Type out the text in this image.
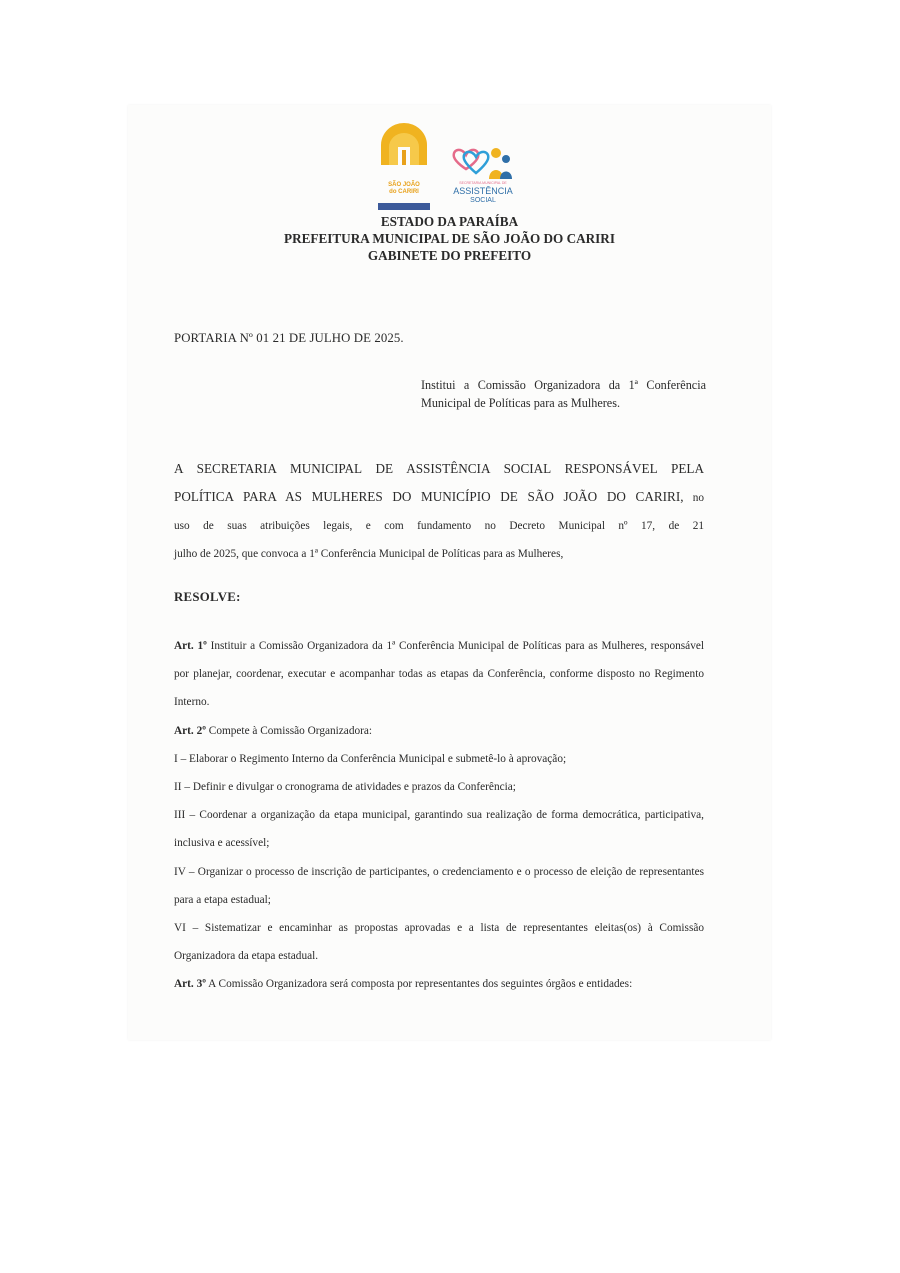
SÃO JOÃO
do CARIRI
SECRETARIA MUNICIPAL DE
ASSISTÊNCIA
SOCIAL
ESTADO DA PARAÍBA
PREFEITURA MUNICIPAL DE SÃO JOÃO DO CARIRI
GABINETE DO PREFEITO
PORTARIA Nº 01 21 DE JULHO DE 2025.
Institui a Comissão Organizadora da 1ª Conferência Municipal de Políticas para as Mulheres.
A SECRETARIA MUNICIPAL DE ASSISTÊNCIA SOCIAL RESPONSÁVEL PELA
POLÍTICA PARA AS MULHERES DO MUNICÍPIO DE SÃO JOÃO DO CARIRI, no
uso de suas atribuições legais, e com fundamento no Decreto Municipal nº 17, de 21
julho de 2025, que convoca a 1ª Conferência Municipal de Políticas para as Mulheres,
RESOLVE:

Art. 1º Instituir a Comissão Organizadora da 1ª Conferência Municipal de Políticas para as Mulheres, responsável por planejar, coordenar, executar e acompanhar todas as etapas da Conferência, conforme disposto no Regimento Interno.

Art. 2º Compete à Comissão Organizadora:

I – Elaborar o Regimento Interno da Conferência Municipal e submetê-lo à aprovação;

II – Definir e divulgar o cronograma de atividades e prazos da Conferência;

III – Coordenar a organização da etapa municipal, garantindo sua realização de forma democrática, participativa, inclusiva e acessível;

IV – Organizar o processo de inscrição de participantes, o credenciamento e o processo de eleição de representantes para a etapa estadual;

VI – Sistematizar e encaminhar as propostas aprovadas e a lista de representantes eleitas(os) à Comissão Organizadora da etapa estadual.

Art. 3º A Comissão Organizadora será composta por representantes dos seguintes órgãos e entidades:
